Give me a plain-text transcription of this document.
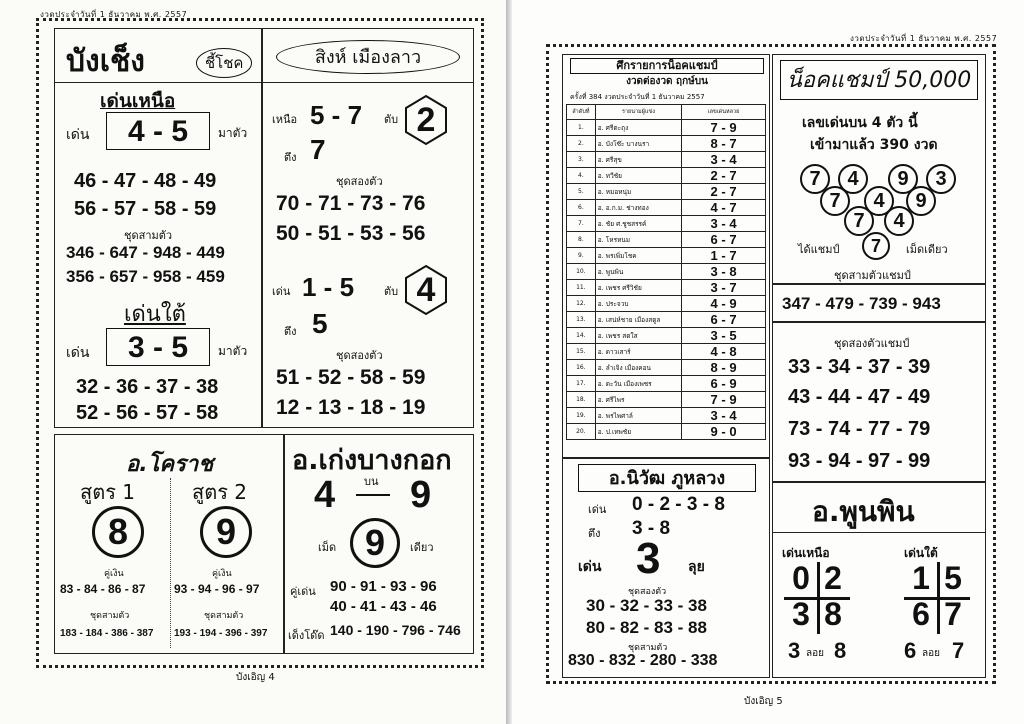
งวดประจำวันที่ 1 ธันวาคม พ.ศ. 2557
บังเช็ง	ชี้โชค
เด่นเหนือ
เด่น	4 - 5	มาตัว
46 - 47 - 48 - 49
56 - 57 - 58 - 59
ชุดสามตัว
346 - 647 - 948 - 449
356 - 657 - 958 - 459
เด่นใต้
เด่น	3 - 5	มาตัว
32 - 36 - 37 - 38
52 - 56 - 57 - 58
สิงห์ เมืองลาว
เหนือ 5 - 7 ตับ 2
ตึง 7
ชุดสองตัว
70 - 71 - 73 - 76
50 - 51 - 53 - 56
เด่น 1 - 5	ตับ 4
ตึง 5
ชุดสองตัว
51 - 52 - 58 - 59
12 - 13 - 18 - 19
อ.โคราช
สูตร 1	สูตร 2
8	9
คู่เงิน	คู่เงิน
83 - 84 - 86 - 87 93 - 94 - 96 - 97
ชุดสามตัว	ชุดสามตัว
183 - 184 - 386 - 387 193 - 194 - 396 - 397
อ.เก่งบางกอก
4	บน 9
เม็ด 9	เดียว
คู่เด่น 90 - 91 - 93 - 96
40 - 41 - 43 - 46
เด็งโด๊ด 140 - 190 - 796 - 746
บังเอิญ 4
งวดประจำวันที่ 1 ธันวาคม พ.ศ. 2557
ศึกรายการน็อคแชมป์
งวดต่องวด ฤกษ์บน
ครั้งที่ 384 งวดประจำวันที่ 1 ธันวาคม 2557
ลำดับที่	รายนามผู้แข่ง	เลขเด่นหลวย
1.	อ. ศรีตะถุง	7 - 9
2.	อ. บังโซ๊ะ บางนรา	8 - 7
3.	อ. ศรีสุข	3 - 4
4.	อ. ทวีชัย	2 - 7
5.	อ. หมอหนุ่ม	2 - 7
6.	อ. อ.ก.ม. ช่างทอง	4 - 7
7.	อ. ชัย ศ.ชูชสรรค์	3 - 4
8.	อ. โหรหนม	6 - 7
9.	อ. พรเพิ่มโชค	1 - 7
10.	อ. พูนพิน	3 - 8
11.	อ. เพชร ศรีวิชัย	3 - 7
12.	อ. ประจวบ	4 - 9
13.	อ. เสน่ห์ชาย เมืองสตูล	6 - 7
14.	อ. เพชร สตใส	3 - 5
15.	อ. ดาวเสาร์	4 - 8
16.	อ. ลำเจิง เมืองคอน	8 - 9
17.	อ. ตะวัน เมืองเพชร	6 - 9
18.	อ. ศรีไพร	7 - 9
19.	อ. พรไพศาล์	3 - 4
20.	อ. ป.เทพชัย	9 - 0
น็อคแชมป์ 50,000
เลขเด่นบน 4 ตัว นี้
เข้ามาแล้ว 390 งวด
7	4	9	3
7	4	9
7	4
ได้แชมป์	7	เม็ดเดียว
ชุดสามตัวแชมป์
347 - 479 - 739 - 943
ชุดสองตัวแชมป์
33 - 34 - 37 - 39
43 - 44 - 47 - 49
73 - 74 - 77 - 79
93 - 94 - 97 - 99
อ.นิวัฒ ภูหลวง
เด่น 0 - 2 - 3 - 8
ตึง 3 - 8
เด่น 3 ลุย
ชุดสองตัว
30 - 32 - 33 - 38
80 - 82 - 83 - 88
ชุดสามตัว
830 - 832 - 280 - 338
อ.พูนพิน
เด่นเหนือ	เด่นใต้
0 2
3 8
1 5
6 7
3 ลอย 8	6 ลอย 7
บังเอิญ 5
